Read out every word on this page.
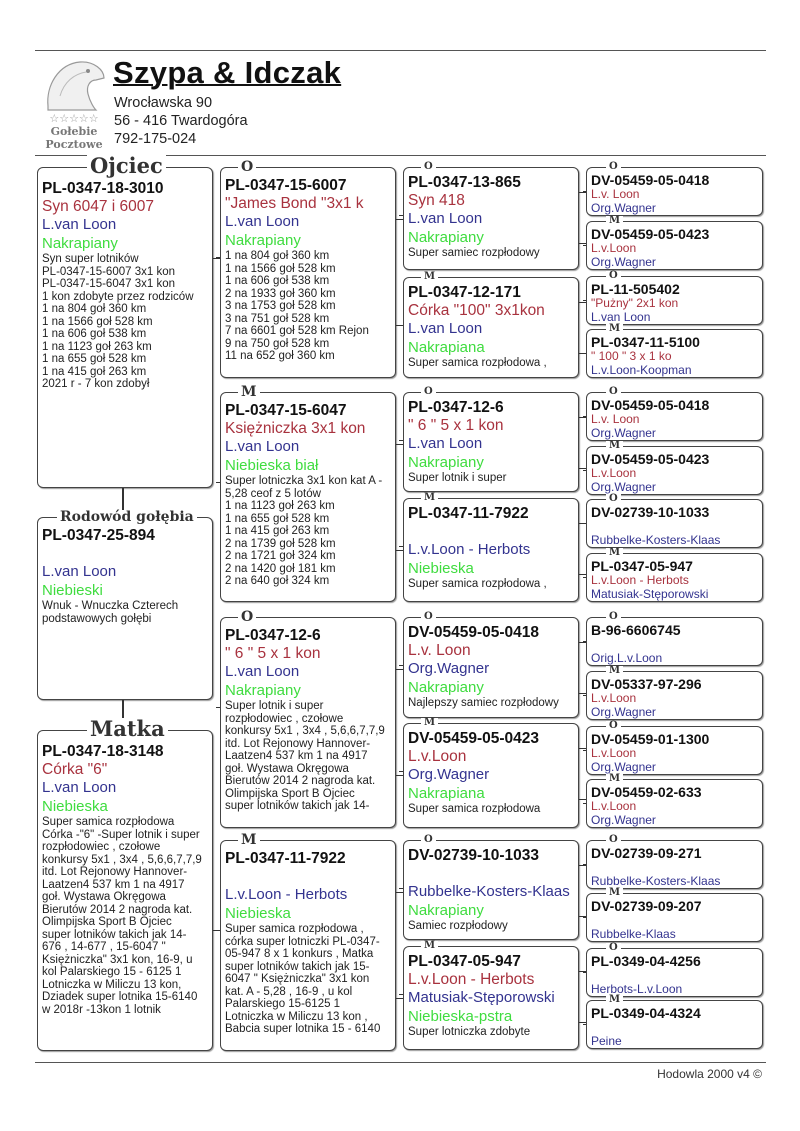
☆☆☆☆☆
Gołebie
Pocztowe
Szypa & Idczak
Wrocławska 90
56 - 416 Twardogóra
792-175-024
PL-0347-18-3010
Syn 6047 i 6007
L.van Loon
Nakrapiany
Syn super lotników
PL-0347-15-6007 3x1 kon
PL-0347-15-6047 3x1 kon
1 kon zdobyte przez rodziców
1 na 804 goł 360 km
1 na 1566 goł 528 km
1 na 606 goł 538 km
1 na 1123 goł 263 km
1 na 655 goł 528 km
1 na 415 goł 263 km
2021 r - 7 kon zdobył
Ojciec
PL-0347-25-894
L.van Loon
Niebieski
Wnuk - Wnuczka Czterech
podstawowych gołębi
Rodowód gołębia
PL-0347-18-3148
Córka "6"
L.van Loon
Niebieska
Super samica rozpłodowa
Córka -"6" -Super lotnik i super
rozpłodowiec , czołowe
konkursy 5x1 , 3x4 , 5,6,6,7,7,9
itd. Lot Rejonowy Hannover-
Laatzen4 537 km 1 na 4917
goł. Wystawa Okręgowa
Bierutów 2014 2 nagroda kat.
Olimpijska Sport B Ojciec
super lotników takich jak 14-
676 , 14-677 , 15-6047 "
Księżniczka" 3x1 kon, 16-9, u
kol Palarskiego 15 - 6125 1
Lotniczka w Miliczu 13 kon,
Dziadek super lotnika 15-6140
w 2018r -13kon 1 lotnik
Matka
PL-0347-15-6007
"James Bond "3x1 k
L.van Loon
Nakrapiany
1 na 804 goł 360 km
1 na 1566 goł 528 km
1 na 606 goł 538 km
2 na 1933 goł 360 km
3 na 1753 goł 528 km
3 na 751 goł 528 km
7 na 6601 goł 528 km Rejon
9 na 750 goł 528 km
11 na 652 goł 360 km
O
PL-0347-15-6047
Księżniczka 3x1 kon
L.van Loon
Niebieska biał
Super lotniczka 3x1 kon kat A -
5,28 ceof z 5 lotów
1 na 1123 goł 263 km
1 na 655 goł 528 km
1 na 415 goł 263 km
2 na 1739 goł 528 km
2 na 1721 goł 324 km
2 na 1420 goł 181 km
2 na 640 goł 324 km
M
PL-0347-12-6
" 6 " 5 x 1 kon
L.van Loon
Nakrapiany
Super lotnik i super
rozpłodowiec , czołowe
konkursy 5x1 , 3x4 , 5,6,6,7,7,9
itd. Lot Rejonowy Hannover-
Laatzen4 537 km 1 na 4917
goł. Wystawa Okręgowa
Bierutów 2014 2 nagroda kat.
Olimpijska Sport B Ojciec
super lotników takich jak 14-
O
PL-0347-11-7922
L.v.Loon - Herbots
Niebieska
Super samica rozpłodowa ,
córka super lotniczki PL-0347-
05-947 8 x 1 konkurs , Matka
super lotników takich jak 15-
6047 " Księżniczka" 3x1 kon
kat. A - 5,28 , 16-9 , u kol
Palarskiego 15-6125 1
Lotniczka w Miliczu 13 kon ,
Babcia super lotnika 15 - 6140
M
PL-0347-13-865
Syn 418
L.van Loon
Nakrapiany
Super samiec rozpłodowy
O
PL-0347-12-171
Córka "100" 3x1kon
L.van Loon
Nakrapiana
Super samica rozpłodowa ,
M
PL-0347-12-6
" 6 " 5 x 1 kon
L.van Loon
Nakrapiany
Super lotnik i super
O
PL-0347-11-7922
L.v.Loon - Herbots
Niebieska
Super samica rozpłodowa ,
M
DV-05459-05-0418
L.v. Loon
Org.Wagner
Nakrapiany
Najlepszy samiec rozpłodowy
O
DV-05459-05-0423
L.v.Loon
Org.Wagner
Nakrapiana
Super samica rozpłodowa
M
DV-02739-10-1033
Rubbelke-Kosters-Klaas
Nakrapiany
Samiec rozpłodowy
O
PL-0347-05-947
L.v.Loon - Herbots
Matusiak-Stęporowski
Niebieska-pstra
Super lotniczka zdobyte
M
DV-05459-05-0418
L.v. Loon
Org.Wagner
O
DV-05459-05-0423
L.v.Loon
Org.Wagner
M
PL-11-505402
"Pużny" 2x1 kon
L.van Loon
O
PL-0347-11-5100
" 100 " 3 x 1 ko
L.v.Loon-Koopman
M
DV-05459-05-0418
L.v. Loon
Org.Wagner
O
DV-05459-05-0423
L.v.Loon
Org.Wagner
M
DV-02739-10-1033
Rubbelke-Kosters-Klaas
O
PL-0347-05-947
L.v.Loon - Herbots
Matusiak-Stęporowski
M
B-96-6606745
Orig.L.v.Loon
O
DV-05337-97-296
L.v.Loon
Org.Wagner
M
DV-05459-01-1300
L.v.Loon
Org.Wagner
O
DV-05459-02-633
L.v.Loon
Org.Wagner
M
DV-02739-09-271
Rubbelke-Kosters-Klaas
O
DV-02739-09-207
Rubbelke-Klaas
M
PL-0349-04-4256
Herbots-L.v.Loon
O
PL-0349-04-4324
Peine
M
Hodowla 2000 v4 ©
